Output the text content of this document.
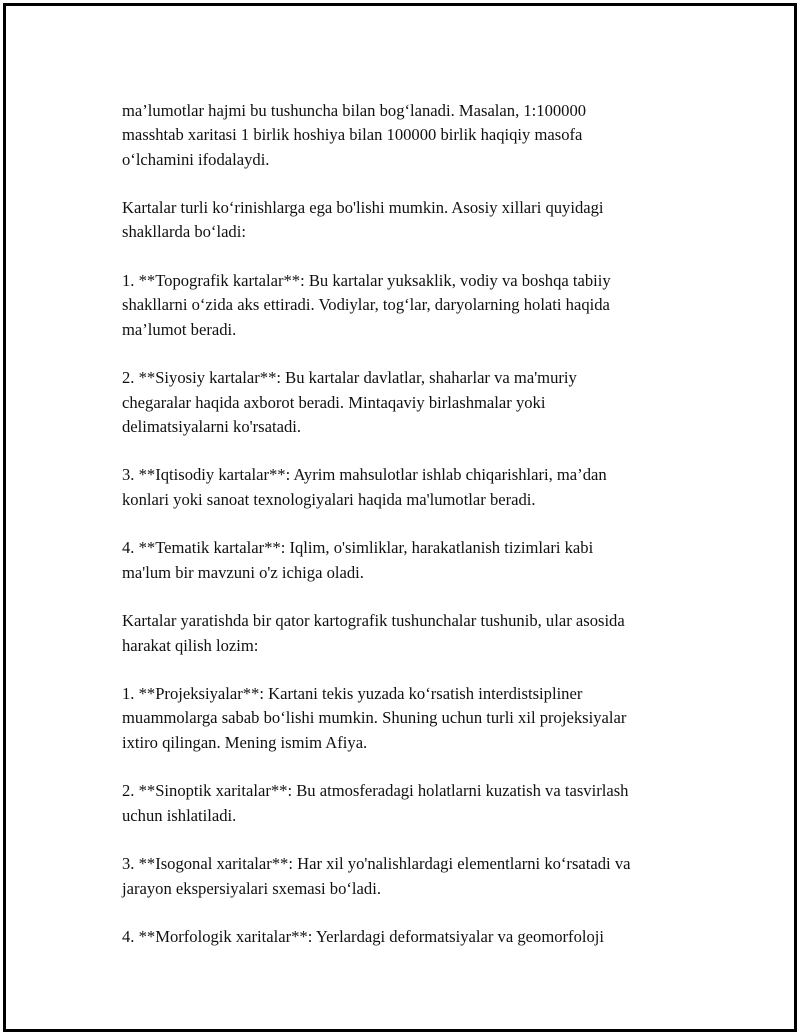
ma’lumotlar hajmi bu tushuncha bilan bog‘lanadi. Masalan, 1:100000
masshtab xaritasi 1 birlik hoshiya bilan 100000 birlik haqiqiy masofa
o‘lchamini ifodalaydi.

Kartalar turli ko‘rinishlarga ega bo'lishi mumkin. Asosiy xillari quyidagi
shakllarda bo‘ladi:

1. **Topografik kartalar**: Bu kartalar yuksaklik, vodiy va boshqa tabiiy
shakllarni o‘zida aks ettiradi. Vodiylar, tog‘lar, daryolarning holati haqida
ma’lumot beradi.

2. **Siyosiy kartalar**: Bu kartalar davlatlar, shaharlar va ma'muriy
chegaralar haqida axborot beradi. Mintaqaviy birlashmalar yoki
delimatsiyalarni ko'rsatadi.

3. **Iqtisodiy kartalar**: Ayrim mahsulotlar ishlab chiqarishlari, ma’dan
konlari yoki sanoat texnologiyalari haqida ma'lumotlar beradi.

4. **Tematik kartalar**: Iqlim, o'simliklar, harakatlanish tizimlari kabi
ma'lum bir mavzuni o'z ichiga oladi.

Kartalar yaratishda bir qator kartografik tushunchalar tushunib, ular asosida
harakat qilish lozim:

1. **Projeksiyalar**: Kartani tekis yuzada ko‘rsatish interdistsipliner
muammolarga sabab bo‘lishi mumkin. Shuning uchun turli xil projeksiyalar
ixtiro qilingan. Mening ismim Afiya.

2. **Sinoptik xaritalar**: Bu atmosferadagi holatlarni kuzatish va tasvirlash
uchun ishlatiladi.

3. **Isogonal xaritalar**: Har xil yo'nalishlardagi elementlarni ko‘rsatadi va
jarayon ekspersiyalari sxemasi bo‘ladi.

4. **Morfologik xaritalar**: Yerlardagi deformatsiyalar va geomorfoloji
